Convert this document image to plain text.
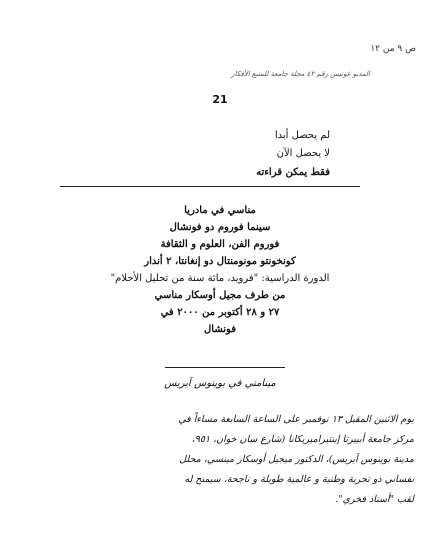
ص ٩ من ١٢
المديو غونيس رقم ٤٢ مجلة جامعة للمتبع الأفكار
21
لم يحصل أبدا
لا يحصل الآن
فقط يمكن قراءته
مناسي في مادريا
سينما فوروم دو فونشال
فوروم الفن، العلوم و الثقافة
كونخونتو مونومنتال دو إنغانتا، ٢ أندار
الدورة الدراسية: "فرويد، مائة سنة من تحليل الأحلام"
من طرف مجيل أوسكار مناسي
٢٧ و ٢٨ أكتوبر من ٢٠٠٠ في
فونشال
مينامني في بوينوس آيريس
يوم الاثنين المقبل ١٣ نوفمبر على الساعة السابعة مساءاً في
مركز جامعة أبييرتا إينتيراميريكانا (شارع سان خوان، ٩٥١،
مدينة بوينوس آيريس)، الدكتور ميجيل أوسكار مينسي، محلل
نفساني ذو تجربة وطنية و عالمية طويلة و ناجحة، سيمنح له
لقب "أستاذ فخري".
